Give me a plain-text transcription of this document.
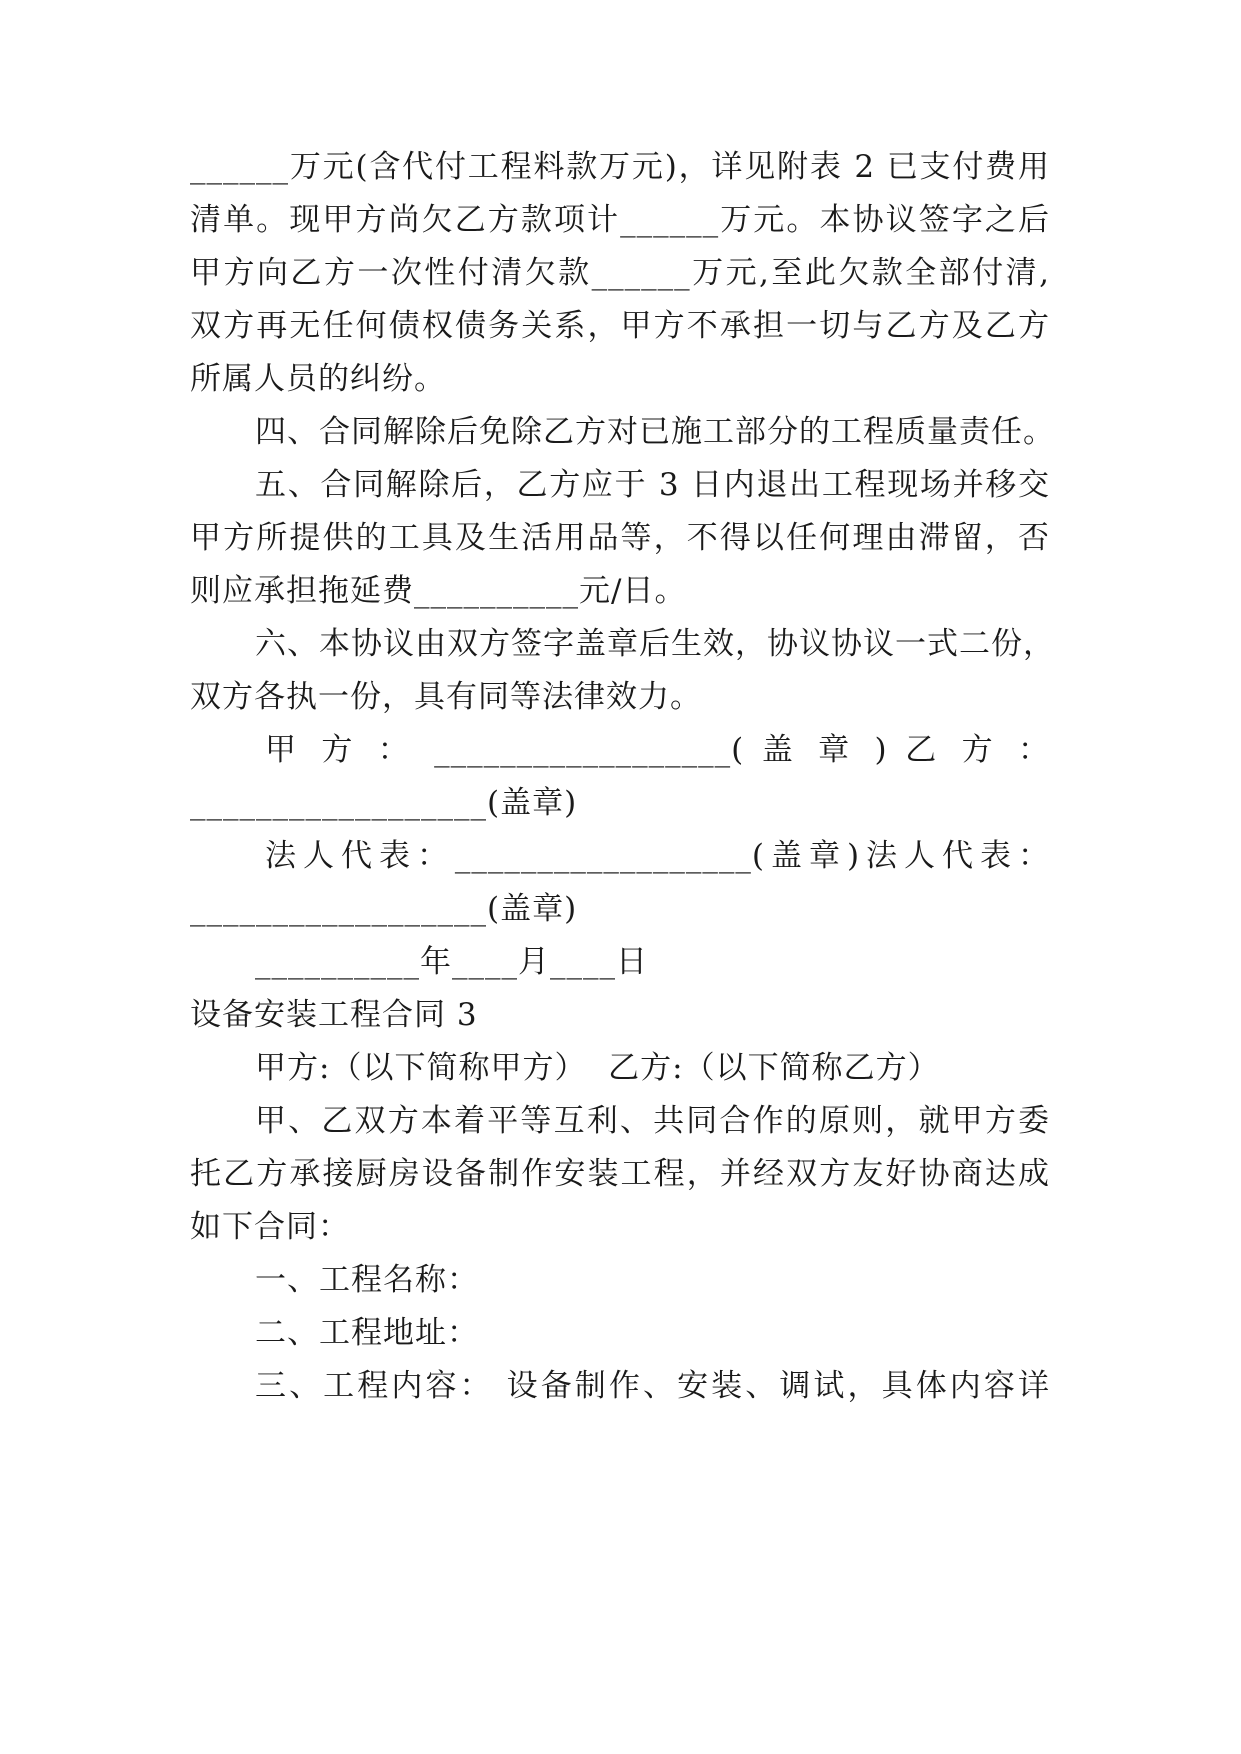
______万元(含代付工程料款万元)，详见附表 2 已支付费用

清单。现甲方尚欠乙方款项计______万元。本协议签字之后

甲方向乙方一次性付清欠款______万元,至此欠款全部付清,

双方再无任何债权债务关系，甲方不承担一切与乙方及乙方

所属人员的纠纷。

四、合同解除后免除乙方对已施工部分的工程质量责任。

五、合同解除后，乙方应于 3 日内退出工程现场并移交

甲方所提供的工具及生活用品等，不得以任何理由滞留，否

则应承担拖延费__________元/日。

六、本协议由双方签字盖章后生效，协议协议一式二份，

双方各执一份，具有同等法律效力。

甲 方 ： __________________( 盖 章 ) 乙 方 ：

__________________(盖章)

法人代表：__________________(盖章)法人代表：

__________________(盖章)

__________年____月____日

设备安装工程合同 3

甲方:（以下简称甲方）  乙方:（以下简称乙方）

甲、乙双方本着平等互利、共同合作的原则，就甲方委

托乙方承接厨房设备制作安装工程，并经双方友好协商达成

如下合同：

一、工程名称：

二、工程地址：

三、工程内容： 设备制作、安装、调试，具体内容详
